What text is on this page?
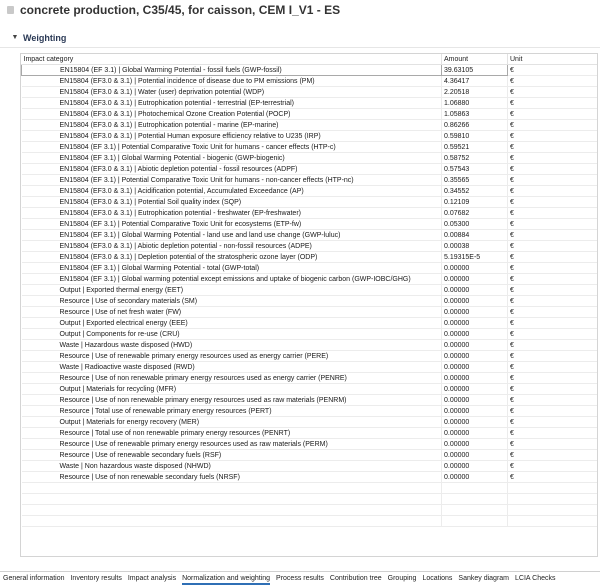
concrete production, C35/45, for caisson, CEM I_V1 - ES
▼ Weighting
Impact category	Amount	Unit
EN15804 (EF 3.1) | Global Warming Potential - fossil fuels (GWP-fossil)	39.63105	€
EN15804 (EF3.0 & 3.1) | Potential incidence of disease due to PM emissions (PM)	4.36417	€
EN15804 (EF3.0 & 3.1) | Water (user) deprivation potential (WDP)	2.20518	€
EN15804 (EF3.0 & 3.1) | Eutrophication potential - terrestrial (EP-terrestrial)	1.06880	€
EN15804 (EF3.0 & 3.1) | Photochemical Ozone Creation Potential (POCP)	1.05863	€
EN15804 (EF3.0 & 3.1) | Eutrophication potential - marine (EP-marine)	0.86266	€
EN15804 (EF3.0 & 3.1) | Potential Human exposure efficiency relative to U235 (IRP)	0.59810	€
EN15804 (EF 3.1) | Potential Comparative Toxic Unit for humans - cancer effects (HTP-c)	0.59521	€
EN15804 (EF 3.1) | Global Warming Potential - biogenic (GWP-biogenic)	0.58752	€
EN15804 (EF3.0 & 3.1) | Abiotic depletion potential - fossil resources (ADPF)	0.57543	€
EN15804 (EF 3.1) | Potential Comparative Toxic Unit for humans - non-cancer effects (HTP-nc)	0.35565	€
EN15804 (EF3.0 & 3.1) | Acidification potential, Accumulated Exceedance (AP)	0.34552	€
EN15804 (EF3.0 & 3.1) | Potential Soil quality index (SQP)	0.12109	€
EN15804 (EF3.0 & 3.1) | Eutrophication potential - freshwater (EP-freshwater)	0.07682	€
EN15804 (EF 3.1) | Potential Comparative Toxic Unit for ecosystems (ETP-fw)	0.05300	€
EN15804 (EF 3.1) | Global Warming Potential - land use and land use change (GWP-luluc)	0.00884	€
EN15804 (EF3.0 & 3.1) | Abiotic depletion potential - non-fossil resources (ADPE)	0.00038	€
EN15804 (EF3.0 & 3.1) | Depletion potential of the stratospheric ozone layer (ODP)	5.19315E-5	€
EN15804 (EF 3.1) | Global Warming Potential - total (GWP-total)	0.00000	€
EN15804 (EF 3.1) | Global warming potential except emissions and uptake of biogenic carbon (GWP-IOBC/GHG)	0.00000	€
Output | Exported thermal energy (EET)	0.00000	€
Resource | Use of secondary materials (SM)	0.00000	€
Resource | Use of net fresh water (FW)	0.00000	€
Output | Exported electrical energy (EEE)	0.00000	€
Output | Components for re-use (CRU)	0.00000	€
Waste | Hazardous waste disposed (HWD)	0.00000	€
Resource | Use of renewable primary energy resources used as energy carrier (PERE)	0.00000	€
Waste | Radioactive waste disposed (RWD)	0.00000	€
Resource | Use of non renewable primary energy resources used as energy carrier (PENRE)	0.00000	€
Output | Materials for recycling (MFR)	0.00000	€
Resource | Use of non renewable primary energy resources used as raw materials (PENRM)	0.00000	€
Resource | Total use of renewable primary energy resources (PERT)	0.00000	€
Output | Materials for energy recovery (MER)	0.00000	€
Resource | Total use of non renewable primary energy resources (PENRT)	0.00000	€
Resource | Use of renewable primary energy resources used as raw materials (PERM)	0.00000	€
Resource | Use of renewable secondary fuels (RSF)	0.00000	€
Waste | Non hazardous waste disposed (NHWD)	0.00000	€
Resource | Use of non renewable secondary fuels (NRSF)	0.00000	€

General information Inventory results Impact analysis Normalization and weighting Process results Contribution tree Grouping Locations Sankey diagram LCIA Checks
